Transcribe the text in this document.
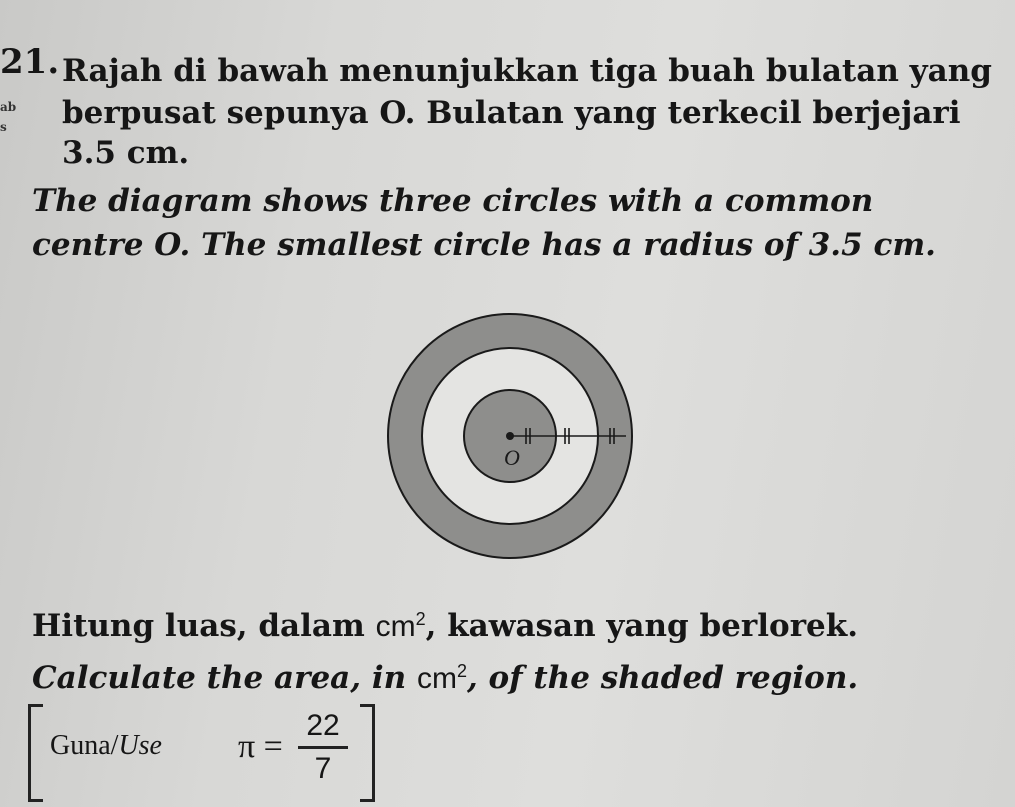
21.
ab
s
Rajah di bawah menunjukkan tiga buah bulatan yang
berpusat sepunya O. Bulatan yang terkecil berjejari
3.5 cm.
The diagram shows three circles with a common
centre O. The smallest circle has a radius of 3.5 cm.
O
Hitung luas, dalam $cm^2$, kawasan yang berlorek.
Calculate the area, in $cm^2$, of the shaded region.
Guna/Use π =
22
7
